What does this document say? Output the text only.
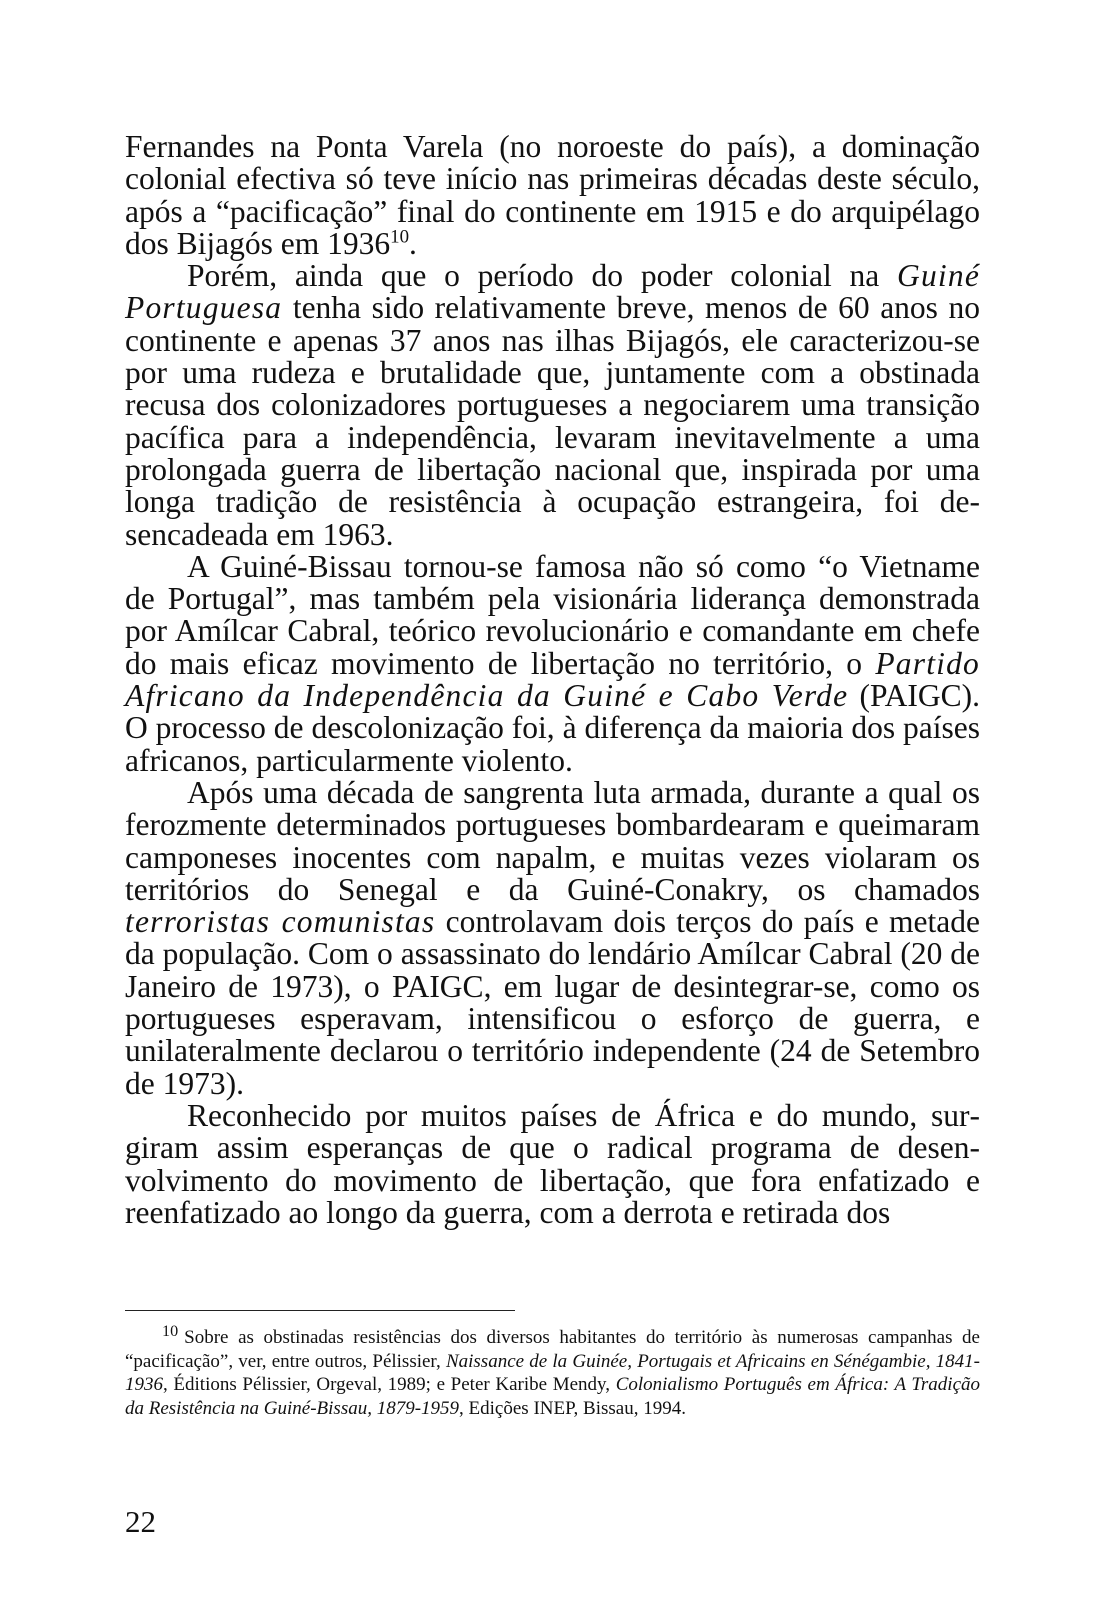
Fernandes na Ponta Varela (no noroeste do país), a dominação colonial efectiva só teve início nas primeiras décadas deste século, após a “pacificação” final do continente em 1915 e do arquipélago dos Bijagós em 1936$^{10}$.

Porém, ainda que o período do poder colonial na Guiné Portuguesa tenha sido relativamente breve, menos de 60 anos no continente e apenas 37 anos nas ilhas Bijagós, ele caracterizou-se por uma rudeza e brutalidade que, juntamente com a obstinada recusa dos colonizadores portugueses a negociarem uma transição pacífica para a independência, levaram inevitavelmente a uma prolongada guerra de libertação nacional que, inspirada por uma longa tradição de resistência à ocupação estrangeira, foi desencadeada em 1963.

A Guiné-Bissau tornou-se famosa não só como “o Vietname de Portugal”, mas também pela visionária liderança demonstrada por Amílcar Cabral, teórico revolucionário e comandante em chefe do mais eficaz movimento de libertação no território, o Partido Africano da Independência da Guiné e Cabo Verde (PAIGC). O processo de descolonização foi, à diferença da maioria dos países africanos, particularmente violento.

Após uma década de sangrenta luta armada, durante a qual os ferozmente determinados portugueses bombardearam e queimaram camponeses inocentes com napalm, e muitas vezes violaram os territórios do Senegal e da Guiné-Conakry, os chamados terroristas comunistas controlavam dois terços do país e metade da população. Com o assassinato do lendário Amílcar Cabral (20 de Janeiro de 1973), o PAIGC, em lugar de desintegrar-se, como os portugueses esperavam, intensificou o esforço de guerra, e unilateralmente declarou o território independente (24 de Setembro de 1973).

Reconhecido por muitos países de África e do mundo, surgiram assim esperanças de que o radical programa de desenvolvimento do movimento de libertação, que fora enfatizado e reenfatizado ao longo da guerra, com a derrota e retirada dos

$^{10}$ Sobre as obstinadas resistências dos diversos habitantes do território às numerosas campanhas de “pacificação”, ver, entre outros, Pélissier, Naissance de la Guinée, Portugais et Africains en Sénégambie, 1841-1936, Éditions Pélissier, Orgeval, 1989; e Peter Karibe Mendy, Colonialismo Português em África: A Tradição da Resistência na Guiné-Bissau, 1879-1959, Edições INEP, Bissau, 1994.

22
